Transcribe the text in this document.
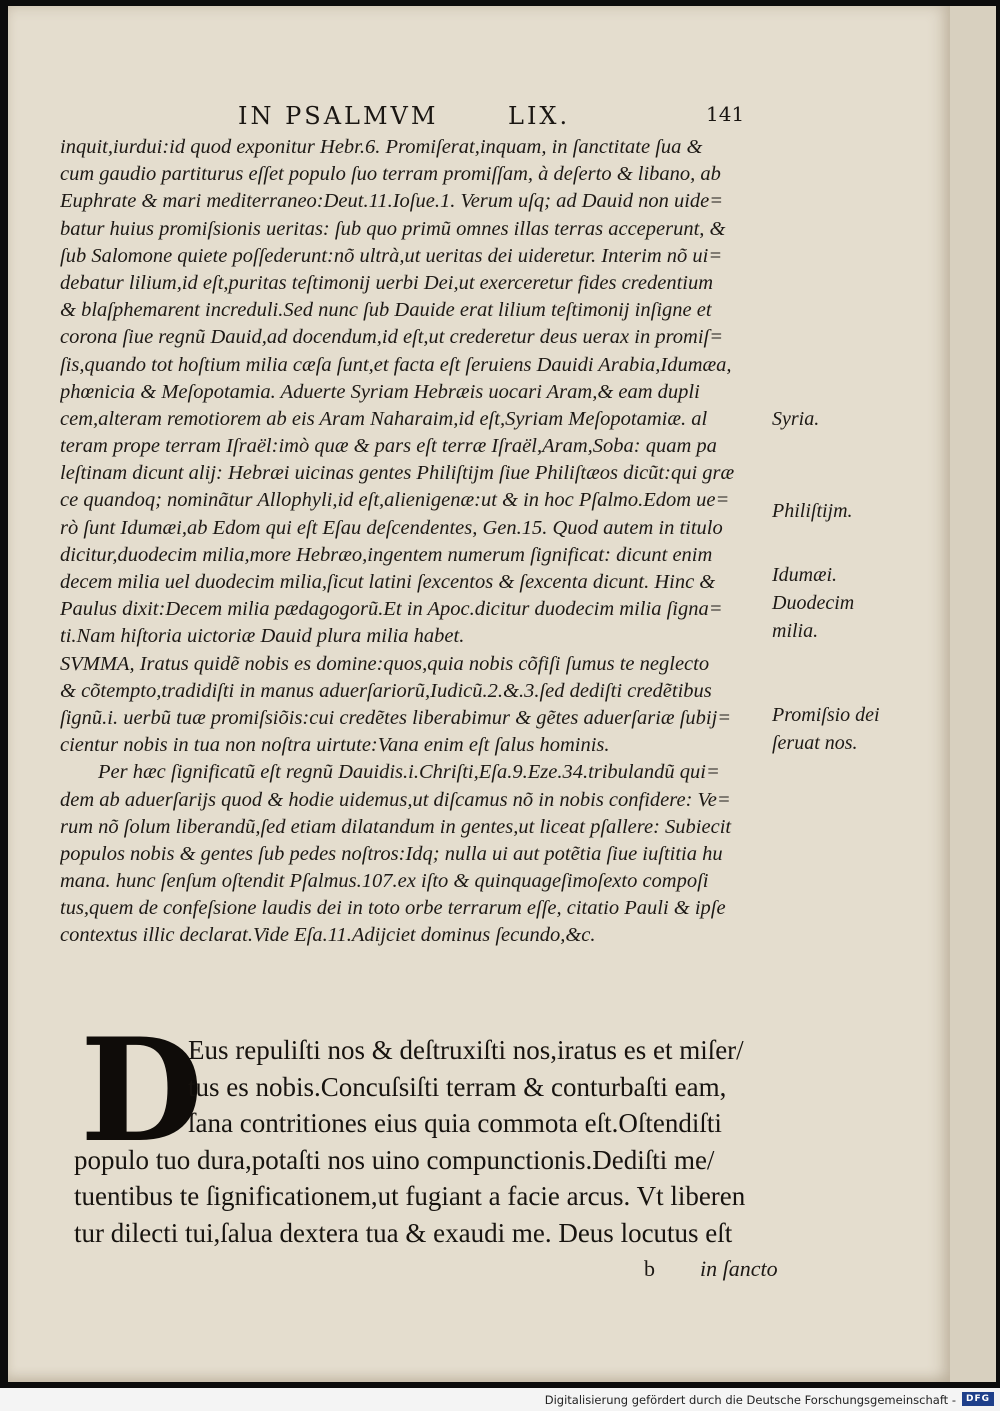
IN PSALMVM	LIX.	141
inquit,iurdui:id quod exponitur Hebr.6. Promiſerat,inquam, in ſanctitate ſua &
cum gaudio partiturus eſſet populo ſuo terram promiſſam, à deſerto & libano, ab
Euphrate & mari mediterraneo:Deut.11.Ioſue.1. Verum uſq; ad Dauid non uide=
batur huius promiſsionis ueritas: ſub quo primũ omnes illas terras acceperunt, &
ſub Salomone quiete poſſederunt:nõ ultrà,ut ueritas dei uideretur. Interim nõ ui=
debatur lilium,id eſt,puritas teſtimonij uerbi Dei,ut exerceretur fides credentium
& blaſphemarent increduli.Sed nunc ſub Dauide erat lilium teſtimonij inſigne et
corona ſiue regnũ Dauid,ad docendum,id eſt,ut crederetur deus uerax in promiſ=
ſis,quando tot hoſtium milia cæſa ſunt,et facta eſt ſeruiens Dauidi Arabia,Idumæa,
phœnicia & Meſopotamia. Aduerte Syriam Hebræis uocari Aram,& eam dupli
cem,alteram remotiorem ab eis Aram Naharaim,id eſt,Syriam Meſopotamiæ. al
teram prope terram Iſraël:imò quæ & pars eſt terræ Iſraël,Aram,Soba: quam pa
leſtinam dicunt alij: Hebræi uicinas gentes Philiſtijm ſiue Philiſtæos dicũt:qui græ
ce quandoq; nominãtur Allophyli,id eſt,alienigenæ:ut & in hoc Pſalmo.Edom ue=
rò ſunt Idumæi,ab Edom qui eſt Eſau deſcendentes, Gen.15. Quod autem in titulo
dicitur,duodecim milia,more Hebræo,ingentem numerum ſignificat: dicunt enim
decem milia uel duodecim milia,ſicut latini ſexcentos & ſexcenta dicunt. Hinc &
Paulus dixit:Decem milia pædagogorũ.Et in Apoc.dicitur duodecim milia ſigna=
ti.Nam hiſtoria uictoriæ Dauid plura milia habet.
SVMMA, Iratus quidẽ nobis es domine:quos,quia nobis cõfiſi ſumus te neglecto
& cõtempto,tradidiſti in manus aduerſariorũ,Iudicũ.2.&.3.ſed dediſti credẽtibus
ſignũ.i. uerbũ tuæ promiſsiõis:cui credẽtes liberabimur & gẽtes aduerſariæ ſubij=
cientur nobis in tua non noſtra uirtute:Vana enim eſt ſalus hominis.
Per hæc ſignificatũ eſt regnũ Dauidis.i.Chriſti,Eſa.9.Eze.34.tribulandũ qui=
dem ab aduerſarijs quod & hodie uidemus,ut diſcamus nõ in nobis confidere: Ve=
rum nõ ſolum liberandũ,ſed etiam dilatandum in gentes,ut liceat pſallere: Subiecit
populos nobis & gentes ſub pedes noſtros:Idq; nulla ui aut potẽtia ſiue iuſtitia hu
mana. hunc ſenſum oſtendit Pſalmus.107.ex iſto & quinquageſimoſexto compoſi
tus,quem de confeſsione laudis dei in toto orbe terrarum eſſe, citatio Pauli & ipſe
contextus illic declarat.Vide Eſa.11.Adijciet dominus ſecundo,&c.
Syria.
Philiſtijm.
Idumæi.
Duodecim
milia.
Promiſsio dei
ſeruat nos.
D
Eus repuliſti nos & deſtruxiſti nos,iratus es et miſer/
tus es nobis.Concuſsiſti terram & conturbaſti eam,
ſana contritiones eius quia commota eſt.Oſtendiſti
populo tuo dura,potaſti nos uino compunctionis.Dediſti me/
tuentibus te ſignificationem,ut fugiant a facie arcus. Vt liberen
tur dilecti tui,ſalua dextera tua & exaudi me. Deus locutus eſt
b in ſancto
Digitalisierung gefördert durch die Deutsche Forschungsgemeinschaft -	DFG
